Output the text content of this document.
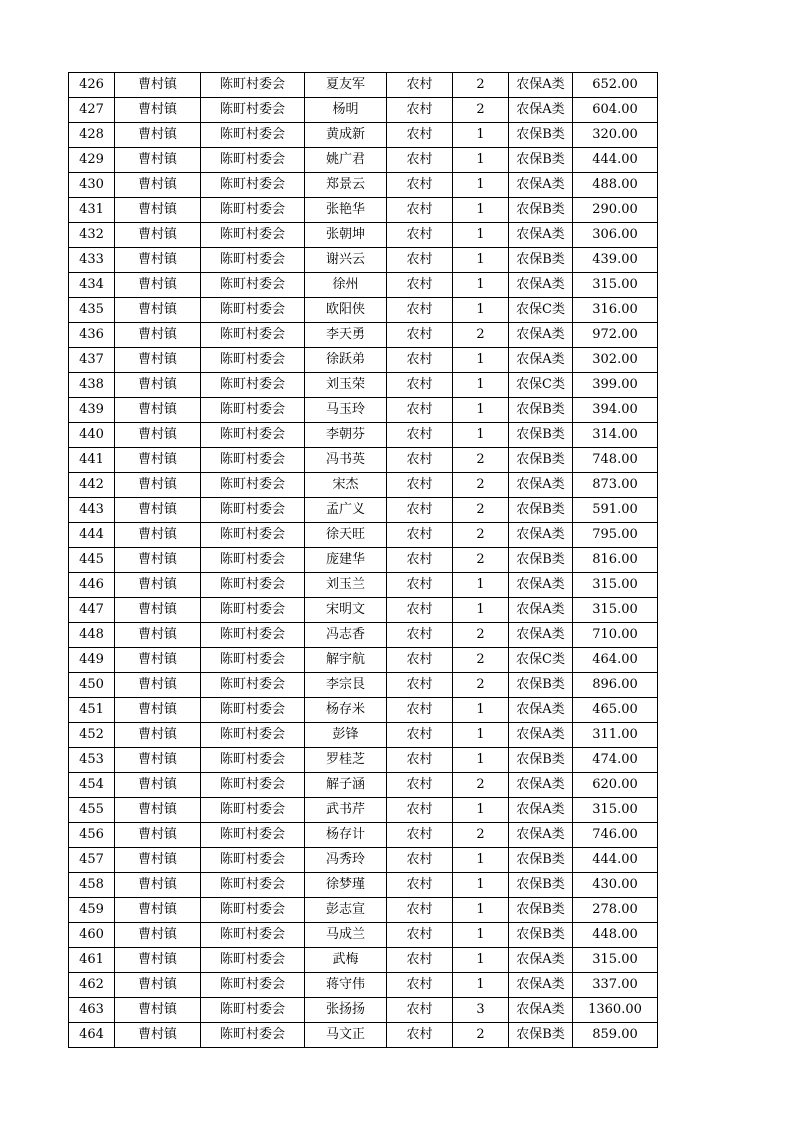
426	曹村镇	陈町村委会	夏友军	农村	2	农保A类	652.00
427	曹村镇	陈町村委会	杨明	农村	2	农保A类	604.00
428	曹村镇	陈町村委会	黄成新	农村	1	农保B类	320.00
429	曹村镇	陈町村委会	姚广君	农村	1	农保B类	444.00
430	曹村镇	陈町村委会	郑景云	农村	1	农保A类	488.00
431	曹村镇	陈町村委会	张艳华	农村	1	农保B类	290.00
432	曹村镇	陈町村委会	张朝坤	农村	1	农保A类	306.00
433	曹村镇	陈町村委会	谢兴云	农村	1	农保B类	439.00
434	曹村镇	陈町村委会	徐州	农村	1	农保A类	315.00
435	曹村镇	陈町村委会	欧阳侠	农村	1	农保C类	316.00
436	曹村镇	陈町村委会	李天勇	农村	2	农保A类	972.00
437	曹村镇	陈町村委会	徐跃弟	农村	1	农保A类	302.00
438	曹村镇	陈町村委会	刘玉荣	农村	1	农保C类	399.00
439	曹村镇	陈町村委会	马玉玲	农村	1	农保B类	394.00
440	曹村镇	陈町村委会	李朝芬	农村	1	农保B类	314.00
441	曹村镇	陈町村委会	冯书英	农村	2	农保B类	748.00
442	曹村镇	陈町村委会	宋杰	农村	2	农保A类	873.00
443	曹村镇	陈町村委会	孟广义	农村	2	农保B类	591.00
444	曹村镇	陈町村委会	徐天旺	农村	2	农保A类	795.00
445	曹村镇	陈町村委会	庞建华	农村	2	农保B类	816.00
446	曹村镇	陈町村委会	刘玉兰	农村	1	农保A类	315.00
447	曹村镇	陈町村委会	宋明文	农村	1	农保A类	315.00
448	曹村镇	陈町村委会	冯志香	农村	2	农保A类	710.00
449	曹村镇	陈町村委会	解宇航	农村	2	农保C类	464.00
450	曹村镇	陈町村委会	李宗艮	农村	2	农保B类	896.00
451	曹村镇	陈町村委会	杨存米	农村	1	农保A类	465.00
452	曹村镇	陈町村委会	彭锋	农村	1	农保A类	311.00
453	曹村镇	陈町村委会	罗桂芝	农村	1	农保B类	474.00
454	曹村镇	陈町村委会	解子涵	农村	2	农保A类	620.00
455	曹村镇	陈町村委会	武书芹	农村	1	农保A类	315.00
456	曹村镇	陈町村委会	杨存计	农村	2	农保A类	746.00
457	曹村镇	陈町村委会	冯秀玲	农村	1	农保B类	444.00
458	曹村镇	陈町村委会	徐梦瑾	农村	1	农保B类	430.00
459	曹村镇	陈町村委会	彭志宣	农村	1	农保B类	278.00
460	曹村镇	陈町村委会	马成兰	农村	1	农保B类	448.00
461	曹村镇	陈町村委会	武梅	农村	1	农保A类	315.00
462	曹村镇	陈町村委会	蒋守伟	农村	1	农保A类	337.00
463	曹村镇	陈町村委会	张扬扬	农村	3	农保A类	1360.00
464	曹村镇	陈町村委会	马文正	农村	2	农保B类	859.00
